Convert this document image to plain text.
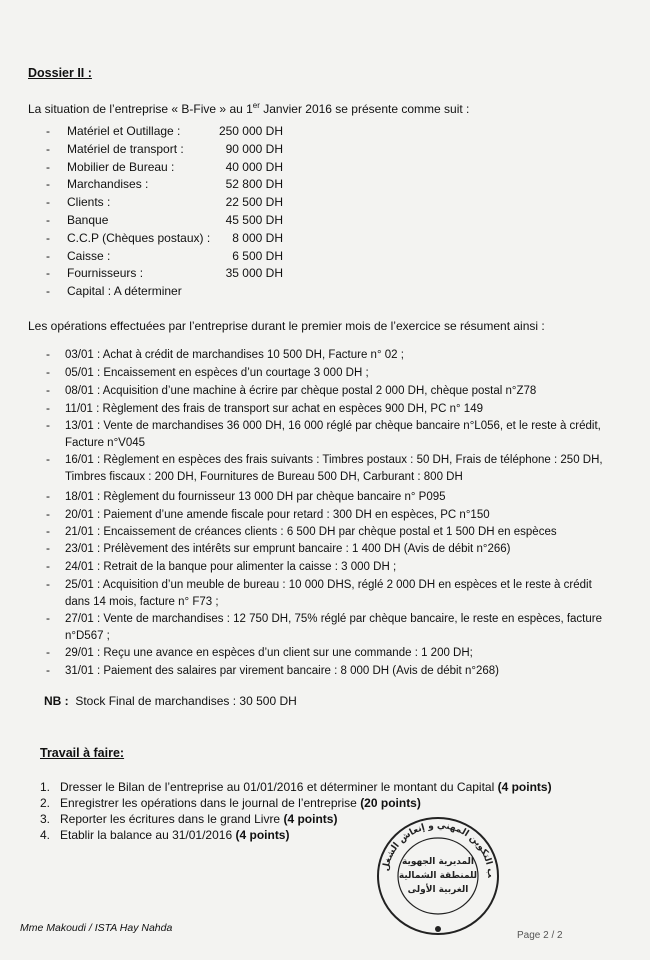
Dossier II :
La situation de l’entreprise « B-Five » au 1er Janvier 2016 se présente comme suit :
- Matériel et Outillage :	250 000 DH
- Matériel de transport :	90 000 DH
- Mobilier de Bureau :	40 000 DH
- Marchandises :	52 800 DH
- Clients :	22 500 DH
- Banque	45 500 DH
- C.C.P (Chèques postaux) : 8 000 DH
- Caisse :	6 500 DH
- Fournisseurs :	35 000 DH
- Capital : A déterminer
Les opérations effectuées par l’entreprise durant le premier mois de l’exercice se résument ainsi :
- 03/01 : Achat à crédit de marchandises 10 500 DH, Facture n° 02 ;
- 05/01 : Encaissement en espèces d’un courtage 3 000 DH ;
- 08/01 : Acquisition d’une machine à écrire par chèque postal 2 000 DH, chèque postal n°Z78
- 11/01 : Règlement des frais de transport sur achat en espèces 900 DH, PC n° 149
- 13/01 : Vente de marchandises 36 000 DH, 16 000 réglé par chèque bancaire n°L056, et le reste à crédit, Facture n°V045
- 16/01 : Règlement en espèces des frais suivants : Timbres postaux : 50 DH, Frais de téléphone : 250 DH, Timbres fiscaux : 200 DH, Fournitures de Bureau 500 DH, Carburant : 800 DH
- 18/01 : Règlement du fournisseur 13 000 DH par chèque bancaire n° P095
- 20/01 : Paiement d’une amende fiscale pour retard : 300 DH en espèces, PC n°150
- 21/01 : Encaissement de créances clients : 6 500 DH par chèque postal et 1 500 DH en espèces
- 23/01 : Prélèvement des intérêts sur emprunt bancaire : 1 400 DH (Avis de débit n°266)
- 24/01 : Retrait de la banque pour alimenter la caisse : 3 000 DH ;
- 25/01 : Acquisition d’un meuble de bureau : 10 000 DHS, réglé 2 000 DH en espèces et le reste à crédit dans 14 mois, facture n° F73 ;
- 27/01 : Vente de marchandises : 12 750 DH, 75% réglé par chèque bancaire, le reste en espèces, facture n°D567 ;
- 29/01 : Reçu une avance en espèces d’un client sur une commande : 1 200 DH;
- 31/01 : Paiement des salaires par virement bancaire : 8 000 DH (Avis de débit n°268)
NB : Stock Final de marchandises : 30 500 DH
Travail à faire:
1. Dresser le Bilan de l’entreprise au 01/01/2016 et déterminer le montant du Capital (4 points)
2. Enregistrer les opérations dans le journal de l’entreprise (20 points)
3. Reporter les écritures dans le grand Livre (4 points)
4. Etablir la balance au 31/01/2016 (4 points)
ب التكوين المهني و إنعاش الشغل
المديرية الجهوية
للمنطقة الشمالية
الغربية الأولى
Mme Makoudi / ISTA Hay Nahda
Page 2 / 2
